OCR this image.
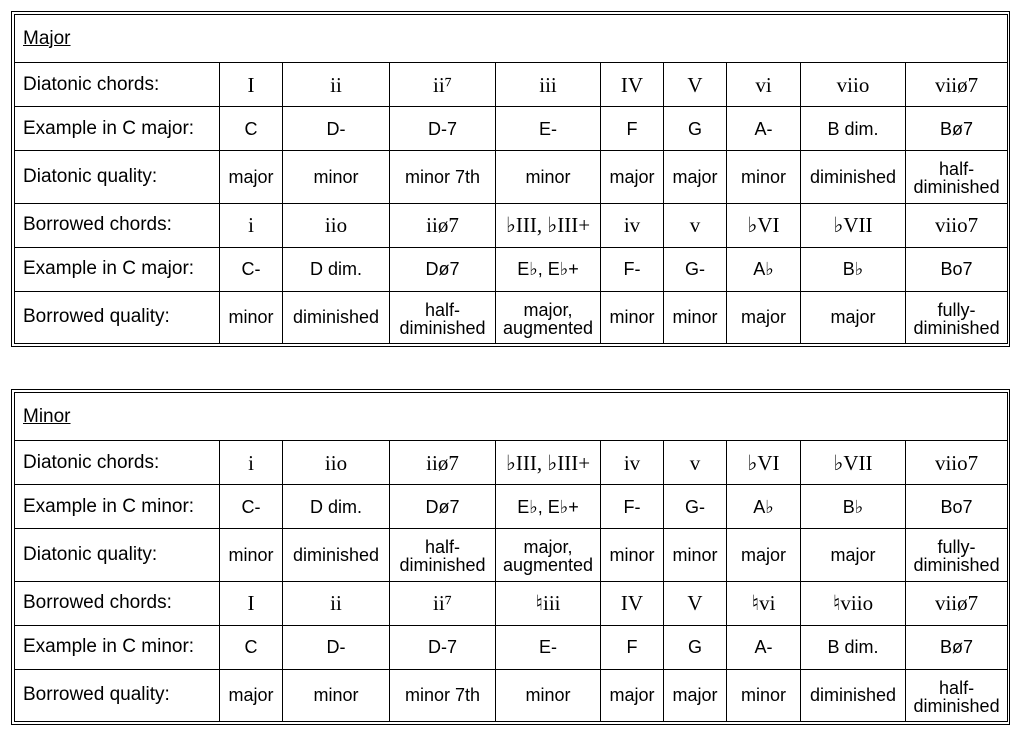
Major									
Diatonic chords:	I	ii	ii⁷	iii	IV	V	vi	viio	viiø7
Example in C major:	C	D-	D-7	E-	F	G	A-	B dim.	Bø7
Diatonic quality:	major	minor	minor 7th	minor	major	major	minor	diminished	half-diminished
Borrowed chords:	i	iio	iiø7	♭III, ♭III+	iv	v	♭VI	♭VII	viio7
Example in C major:	C-	D dim.	Dø7	E♭, E♭+	F-	G-	A♭	B♭	Bo7
Borrowed quality:	minor	diminished	half-diminished	major, augmented	minor	minor	major	major	fully-diminished
Minor									
Diatonic chords:	i	iio	iiø7	♭III, ♭III+	iv	v	♭VI	♭VII	viio7
Example in C minor:	C-	D dim.	Dø7	E♭, E♭+	F-	G-	A♭	B♭	Bo7
Diatonic quality:	minor	diminished	half-diminished	major, augmented	minor	minor	major	major	fully-diminished
Borrowed chords:	I	ii	ii⁷	♮iii	IV	V	♮vi	♮viio	viiø7
Example in C minor:	C	D-	D-7	E-	F	G	A-	B dim.	Bø7
Borrowed quality:	major	minor	minor 7th	minor	major	major	minor	diminished	half-diminished
